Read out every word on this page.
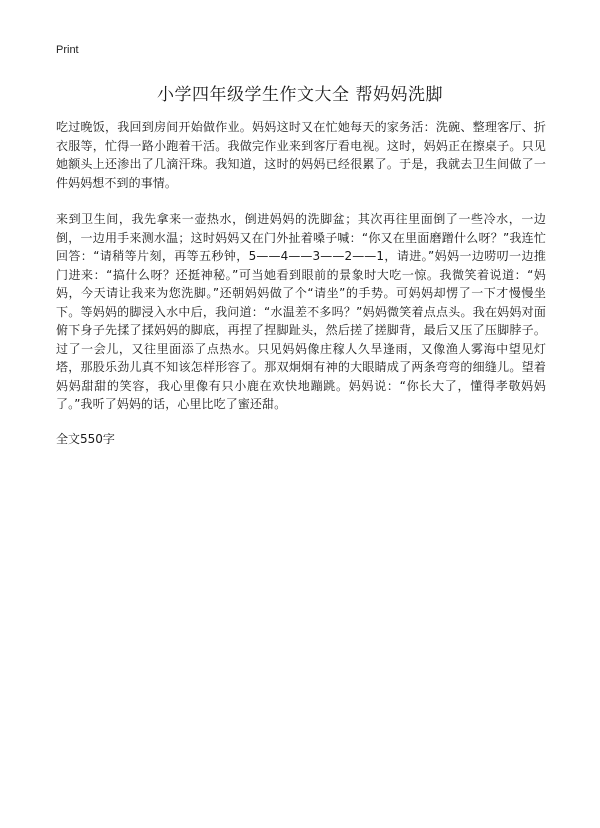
Print
小学四年级学生作文大全 帮妈妈洗脚

吃过晚饭，我回到房间开始做作业。妈妈这时又在忙她每天的家务活：洗碗、整理客厅、折衣服等，忙得一路小跑着干活。我做完作业来到客厅看电视。这时，妈妈正在擦桌子。只见她额头上还渗出了几滴汗珠。我知道，这时的妈妈已经很累了。于是，我就去卫生间做了一件妈妈想不到的事情。

来到卫生间，我先拿来一壶热水，倒进妈妈的洗脚盆；其次再往里面倒了一些冷水，一边倒，一边用手来测水温；这时妈妈又在门外扯着嗓子喊：“你又在里面磨蹭什么呀？”我连忙回答：“请稍等片刻，再等五秒钟，5——4——3——2——1，请进。”妈妈一边唠叨一边推门进来：“搞什么呀？还挺神秘。”可当她看到眼前的景象时大吃一惊。我微笑着说道：“妈妈，今天请让我来为您洗脚。”还朝妈妈做了个“请坐”的手势。可妈妈却愣了一下才慢慢坐下。等妈妈的脚浸入水中后，我问道：“水温差不多吗？”妈妈微笑着点点头。我在妈妈对面俯下身子先揉了揉妈妈的脚底，再捏了捏脚趾头，然后搓了搓脚背，最后又压了压脚脖子。过了一会儿，又往里面添了点热水。只见妈妈像庄稼人久旱逢雨，又像渔人雾海中望见灯塔，那股乐劲儿真不知该怎样形容了。那双炯炯有神的大眼睛成了两条弯弯的细缝儿。望着妈妈甜甜的笑容，我心里像有只小鹿在欢快地蹦跳。妈妈说：“你长大了，懂得孝敬妈妈了。”我听了妈妈的话，心里比吃了蜜还甜。

全文550字
